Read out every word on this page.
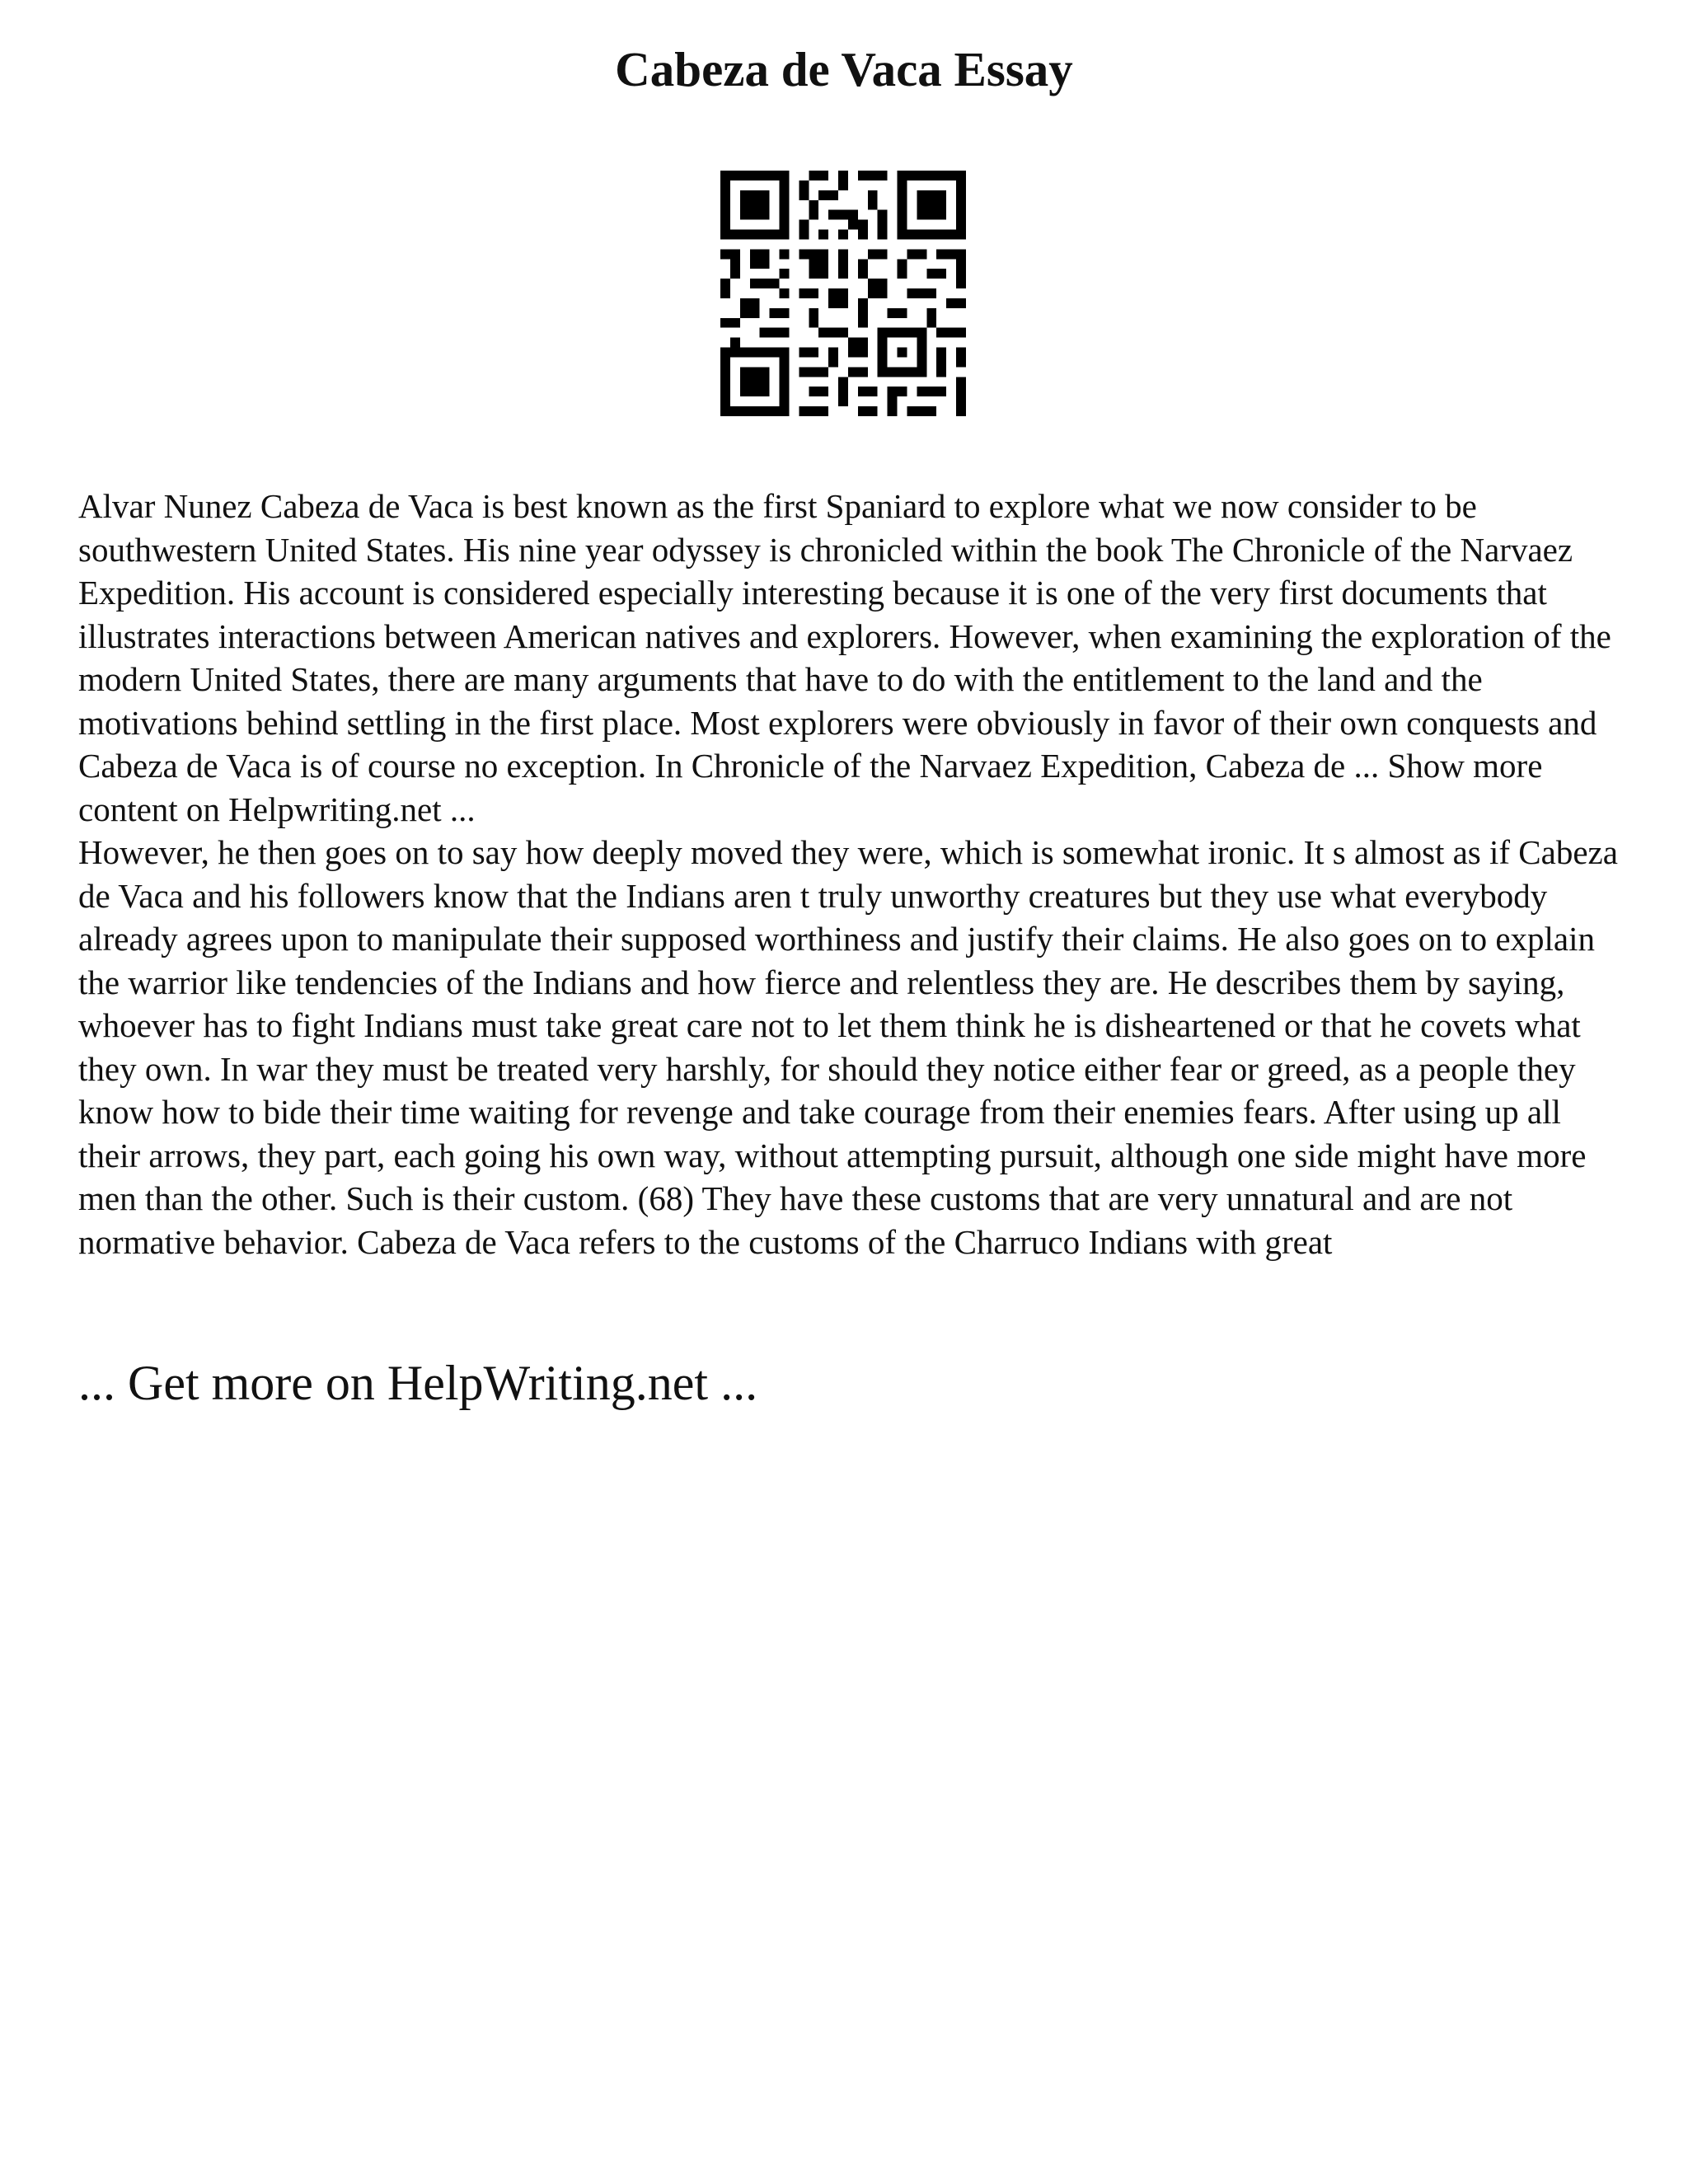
Cabeza de Vaca Essay

Alvar Nunez Cabeza de Vaca is best known as the first Spaniard to explore what we now consider to be southwestern United States. His nine year odyssey is chronicled within the book The Chronicle of the Narvaez Expedition. His account is considered especially interesting because it is one of the very first documents that illustrates interactions between American natives and explorers. However, when examining the exploration of the modern United States, there are many arguments that have to do with the entitlement to the land and the motivations behind settling in the first place. Most explorers were obviously in favor of their own conquests and Cabeza de Vaca is of course no exception. In Chronicle of the Narvaez Expedition, Cabeza de ... Show more content on Helpwriting.net ...

However, he then goes on to say how deeply moved they were, which is somewhat ironic. It s almost as if Cabeza de Vaca and his followers know that the Indians aren t truly unworthy creatures but they use what everybody already agrees upon to manipulate their supposed worthiness and justify their claims. He also goes on to explain the warrior like tendencies of the Indians and how fierce and relentless they are. He describes them by saying, whoever has to fight Indians must take great care not to let them think he is disheartened or that he covets what they own. In war they must be treated very harshly, for should they notice either fear or greed, as a people they know how to bide their time waiting for revenge and take courage from their enemies fears. After using up all their arrows, they part, each going his own way, without attempting pursuit, although one side might have more men than the other. Such is their custom. (68) They have these customs that are very unnatural and are not normative behavior. Cabeza de Vaca refers to the customs of the Charruco Indians with great

... Get more on HelpWriting.net ...
